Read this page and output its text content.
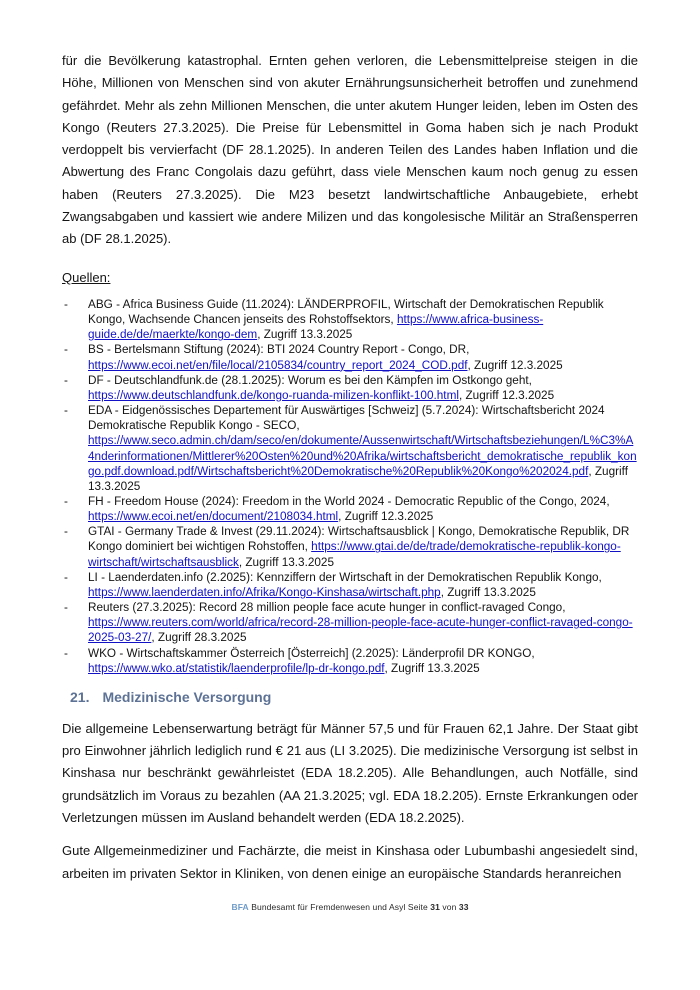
für die Bevölkerung katastrophal. Ernten gehen verloren, die Lebensmittelpreise steigen in die Höhe, Millionen von Menschen sind von akuter Ernährungsunsicherheit betroffen und zunehmend gefährdet. Mehr als zehn Millionen Menschen, die unter akutem Hunger leiden, leben im Osten des Kongo (Reuters 27.3.2025). Die Preise für Lebensmittel in Goma haben sich je nach Produkt verdoppelt bis vervierfacht (DF 28.1.2025). In anderen Teilen des Landes haben Inflation und die Abwertung des Franc Congolais dazu geführt, dass viele Menschen kaum noch genug zu essen haben (Reuters 27.3.2025). Die M23 besetzt landwirtschaftliche Anbaugebiete, erhebt Zwangsabgaben und kassiert wie andere Milizen und das kongolesische Militär an Straßensperren ab (DF 28.1.2025).

Quellen:

- ABG - Africa Business Guide (11.2024): LÄNDERPROFIL, Wirtschaft der Demokratischen Republik Kongo, Wachsende Chancen jenseits des Rohstoffsektors, https://www.africa-business-guide.de/de/maerkte/kongo-dem, Zugriff 13.3.2025
- BS - Bertelsmann Stiftung (2024): BTI 2024 Country Report - Congo, DR, https://www.ecoi.net/en/file/local/2105834/country_report_2024_COD.pdf, Zugriff 12.3.2025
- DF - Deutschlandfunk.de (28.1.2025): Worum es bei den Kämpfen im Ostkongo geht, https://www.deutschlandfunk.de/kongo-ruanda-milizen-konflikt-100.html, Zugriff 12.3.2025
- EDA - Eidgenössisches Departement für Auswärtiges [Schweiz] (5.7.2024): Wirtschaftsbericht 2024 Demokratische Republik Kongo - SECO, https://www.seco.admin.ch/dam/seco/en/dokumente/Aussenwirtschaft/Wirtschaftsbeziehungen/L%C3%A4nderinformationen/Mittlerer%20Osten%20und%20Afrika/wirtschaftsbericht_demokratische_republik_kongo.pdf.download.pdf/Wirtschaftsbericht%20Demokratische%20Republik%20Kongo%202024.pdf, Zugriff 13.3.2025
- FH - Freedom House (2024): Freedom in the World 2024 - Democratic Republic of the Congo, 2024, https://www.ecoi.net/en/document/2108034.html, Zugriff 12.3.2025
- GTAI - Germany Trade & Invest (29.11.2024): Wirtschaftsausblick | Kongo, Demokratische Republik, DR Kongo dominiert bei wichtigen Rohstoffen, https://www.gtai.de/de/trade/demokratische-republik-kongo-wirtschaft/wirtschaftsausblick, Zugriff 13.3.2025
- LI - Laenderdaten.info (2.2025): Kennziffern der Wirtschaft in der Demokratischen Republik Kongo, https://www.laenderdaten.info/Afrika/Kongo-Kinshasa/wirtschaft.php, Zugriff 13.3.2025
- Reuters (27.3.2025): Record 28 million people face acute hunger in conflict-ravaged Congo, https://www.reuters.com/world/africa/record-28-million-people-face-acute-hunger-conflict-ravaged-congo-2025-03-27/, Zugriff 28.3.2025
- WKO - Wirtschaftskammer Österreich [Österreich] (2.2025): Länderprofil DR KONGO, https://www.wko.at/statistik/laenderprofile/lp-dr-kongo.pdf, Zugriff 13.3.2025
21. Medizinische Versorgung

Die allgemeine Lebenserwartung beträgt für Männer 57,5 und für Frauen 62,1 Jahre. Der Staat gibt pro Einwohner jährlich lediglich rund € 21 aus (LI 3.2025). Die medizinische Versorgung ist selbst in Kinshasa nur beschränkt gewährleistet (EDA 18.2.205). Alle Behandlungen, auch Notfälle, sind grundsätzlich im Voraus zu bezahlen (AA 21.3.2025; vgl. EDA 18.2.205). Ernste Erkrankungen oder Verletzungen müssen im Ausland behandelt werden (EDA 18.2.2025).

Gute Allgemeinmediziner und Fachärzte, die meist in Kinshasa oder Lubumbashi angesiedelt sind, arbeiten im privaten Sektor in Kliniken, von denen einige an europäische Standards heranreichen

BFA Bundesamt für Fremdenwesen und Asyl Seite 31 von 33
